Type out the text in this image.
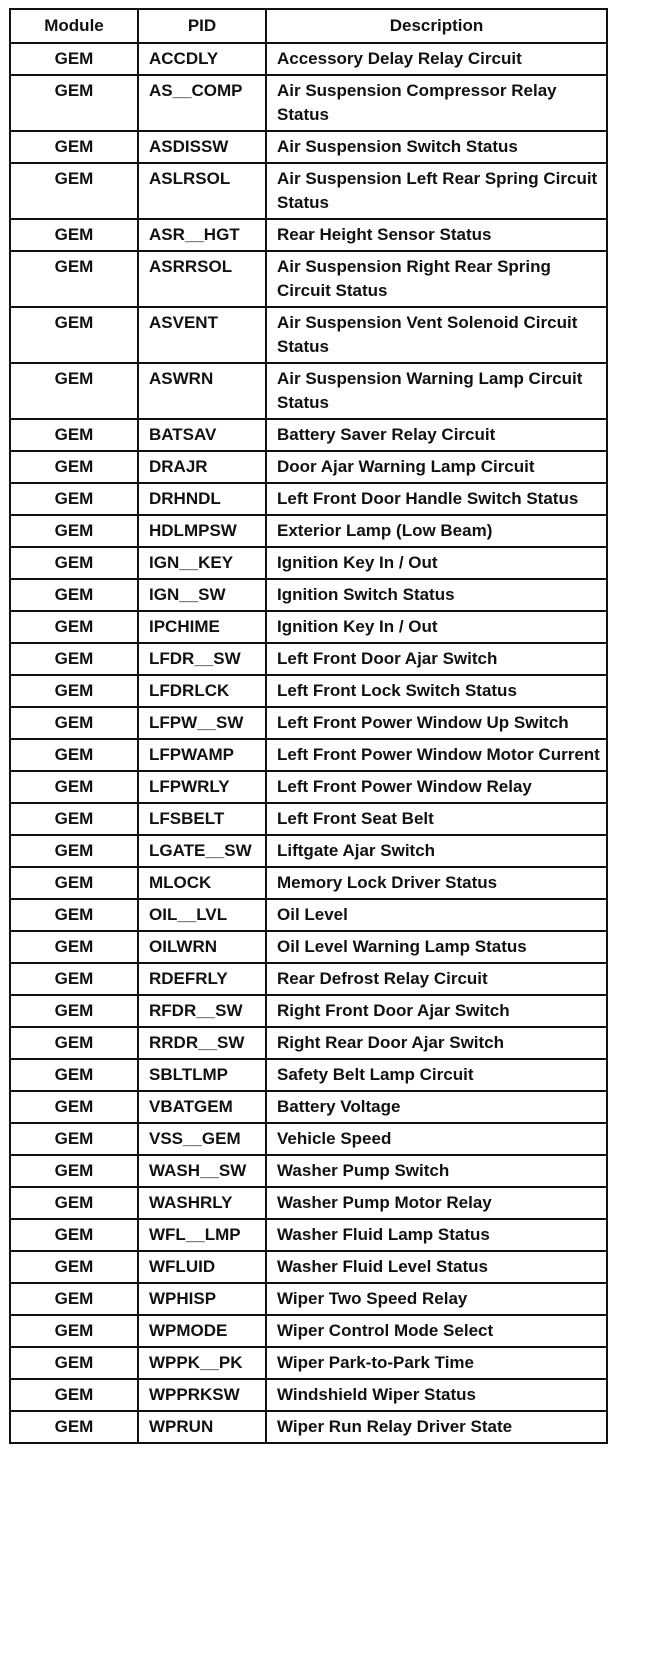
Module	PID	Description
GEM	ACCDLY	Accessory Delay Relay Circuit
GEM	AS__COMP	Air Suspension Compressor Relay Status
GEM	ASDISSW	Air Suspension Switch Status
GEM	ASLRSOL	Air Suspension Left Rear Spring Circuit Status
GEM	ASR__HGT	Rear Height Sensor Status
GEM	ASRRSOL	Air Suspension Right Rear Spring Circuit Status
GEM	ASVENT	Air Suspension Vent Solenoid Circuit Status
GEM	ASWRN	Air Suspension Warning Lamp Circuit Status
GEM	BATSAV	Battery Saver Relay Circuit
GEM	DRAJR	Door Ajar Warning Lamp Circuit
GEM	DRHNDL	Left Front Door Handle Switch Status
GEM	HDLMPSW	Exterior Lamp (Low Beam)
GEM	IGN__KEY	Ignition Key In / Out
GEM	IGN__SW	Ignition Switch Status
GEM	IPCHIME	Ignition Key In / Out
GEM	LFDR__SW	Left Front Door Ajar Switch
GEM	LFDRLCK	Left Front Lock Switch Status
GEM	LFPW__SW	Left Front Power Window Up Switch
GEM	LFPWAMP	Left Front Power Window Motor Current
GEM	LFPWRLY	Left Front Power Window Relay
GEM	LFSBELT	Left Front Seat Belt
GEM	LGATE__SW	Liftgate Ajar Switch
GEM	MLOCK	Memory Lock Driver Status
GEM	OIL__LVL	Oil Level
GEM	OILWRN	Oil Level Warning Lamp Status
GEM	RDEFRLY	Rear Defrost Relay Circuit
GEM	RFDR__SW	Right Front Door Ajar Switch
GEM	RRDR__SW	Right Rear Door Ajar Switch
GEM	SBLTLMP	Safety Belt Lamp Circuit
GEM	VBATGEM	Battery Voltage
GEM	VSS__GEM	Vehicle Speed
GEM	WASH__SW	Washer Pump Switch
GEM	WASHRLY	Washer Pump Motor Relay
GEM	WFL__LMP	Washer Fluid Lamp Status
GEM	WFLUID	Washer Fluid Level Status
GEM	WPHISP	Wiper Two Speed Relay
GEM	WPMODE	Wiper Control Mode Select
GEM	WPPK__PK	Wiper Park-to-Park Time
GEM	WPPRKSW	Windshield Wiper Status
GEM	WPRUN	Wiper Run Relay Driver State
